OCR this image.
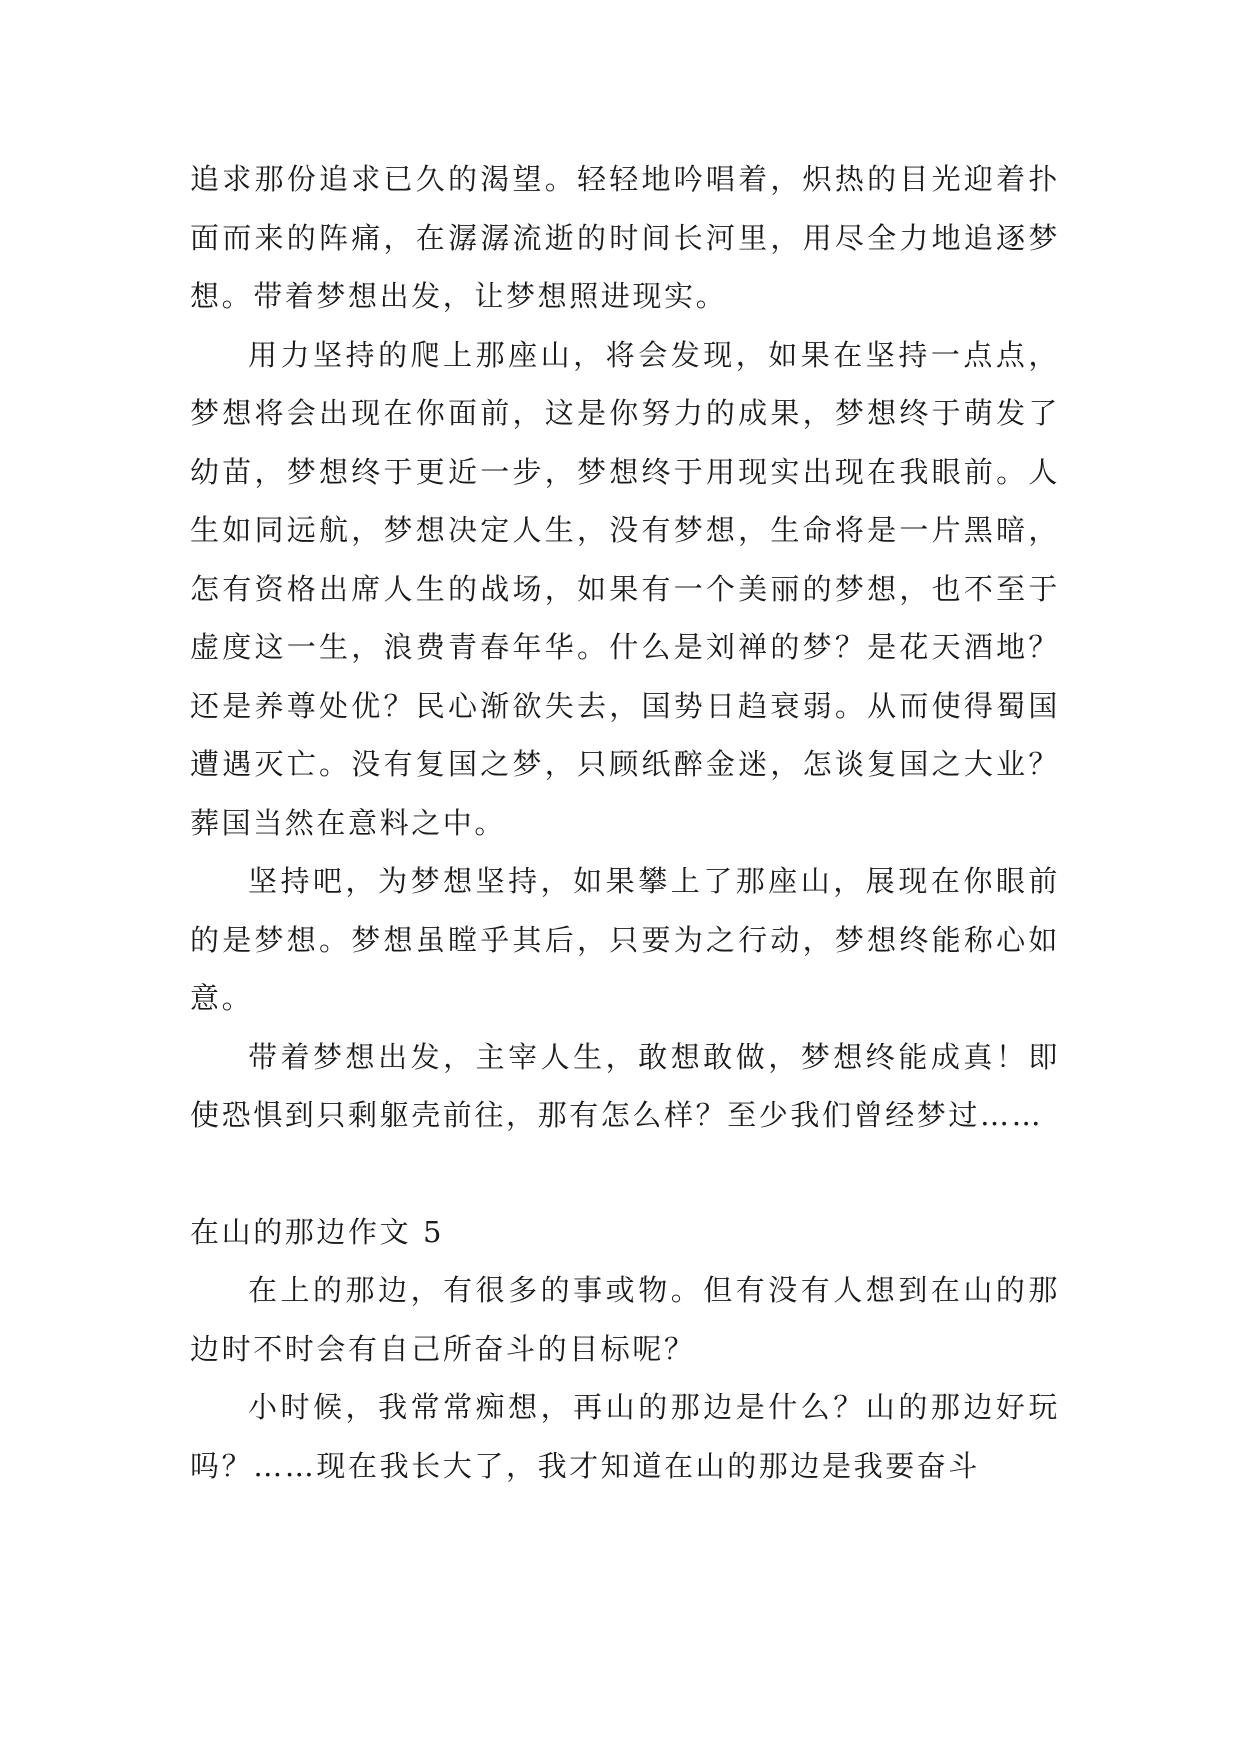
追求那份追求已久的渴望。轻轻地吟唱着，炽热的目光迎着扑面而来的阵痛，在潺潺流逝的时间长河里，用尽全力地追逐梦想。带着梦想出发，让梦想照进现实。

用力坚持的爬上那座山，将会发现，如果在坚持一点点，梦想将会出现在你面前，这是你努力的成果，梦想终于萌发了幼苗，梦想终于更近一步，梦想终于用现实出现在我眼前。人生如同远航，梦想决定人生，没有梦想，生命将是一片黑暗，怎有资格出席人生的战场，如果有一个美丽的梦想，也不至于虚度这一生，浪费青春年华。什么是刘禅的梦？是花天酒地？还是养尊处优？民心渐欲失去，国势日趋衰弱。从而使得蜀国遭遇灭亡。没有复国之梦，只顾纸醉金迷，怎谈复国之大业？葬国当然在意料之中。

坚持吧，为梦想坚持，如果攀上了那座山，展现在你眼前的是梦想。梦想虽瞠乎其后，只要为之行动，梦想终能称心如意。

带着梦想出发，主宰人生，敢想敢做，梦想终能成真！即使恐惧到只剩躯壳前往，那有怎么样？至少我们曾经梦过……

在山的那边作文 5

在上的那边，有很多的事或物。但有没有人想到在山的那边时不时会有自己所奋斗的目标呢？

小时候，我常常痴想，再山的那边是什么？山的那边好玩吗？……现在我长大了，我才知道在山的那边是我要奋斗
